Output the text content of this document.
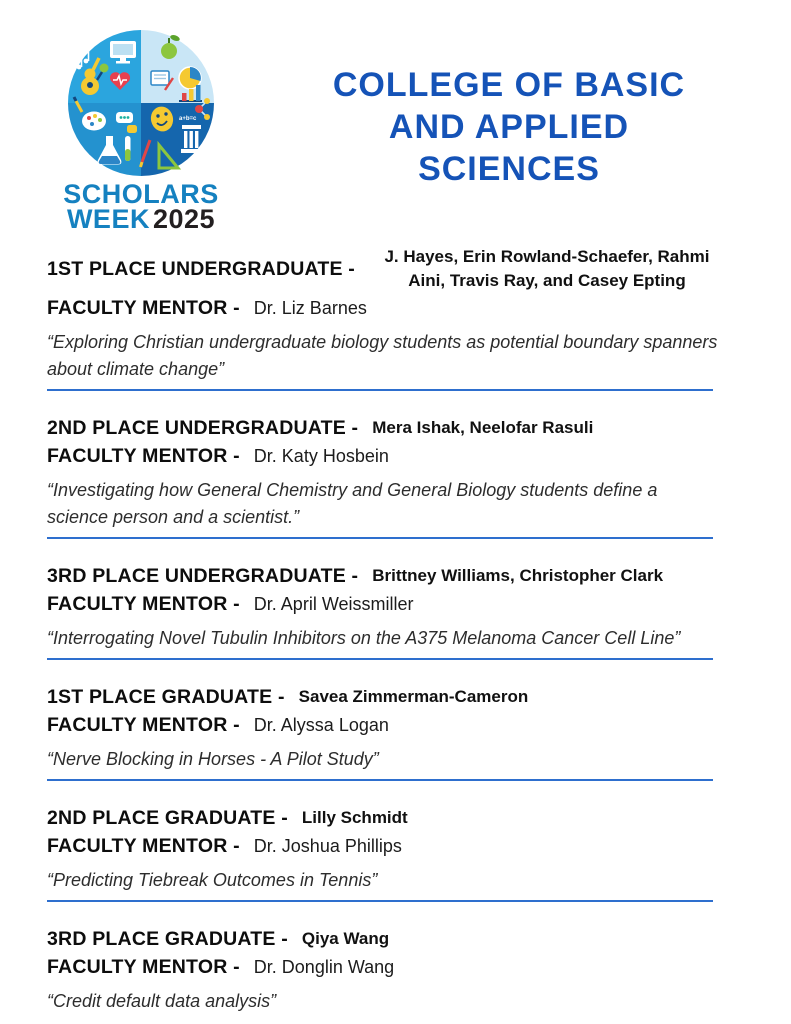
a+b=c
SCHOLARS
WEEK 2025
COLLEGE OF BASIC
AND APPLIED
SCIENCES
1ST PLACE UNDERGRADUATE -
J. Hayes, Erin Rowland-Schaefer, Rahmi Aini, Travis Ray, and Casey Epting
FACULTY MENTOR - Dr. Liz Barnes

“Exploring Christian undergraduate biology students as potential boundary spanners about climate change”

2ND PLACE UNDERGRADUATE - Mera Ishak, Neelofar Rasuli
FACULTY MENTOR - Dr. Katy Hosbein

“Investigating how General Chemistry and General Biology students define a science person and a scientist.”

3RD PLACE UNDERGRADUATE - Brittney Williams, Christopher Clark
FACULTY MENTOR - Dr. April Weissmiller

“Interrogating Novel Tubulin Inhibitors on the A375 Melanoma Cancer Cell Line”

1ST PLACE GRADUATE - Savea Zimmerman-Cameron
FACULTY MENTOR - Dr. Alyssa Logan

“Nerve Blocking in Horses - A Pilot Study”

2ND PLACE GRADUATE - Lilly Schmidt
FACULTY MENTOR - Dr. Joshua Phillips

“Predicting Tiebreak Outcomes in Tennis”

3RD PLACE GRADUATE - Qiya Wang
FACULTY MENTOR - Dr. Donglin Wang

“Credit default data analysis”
